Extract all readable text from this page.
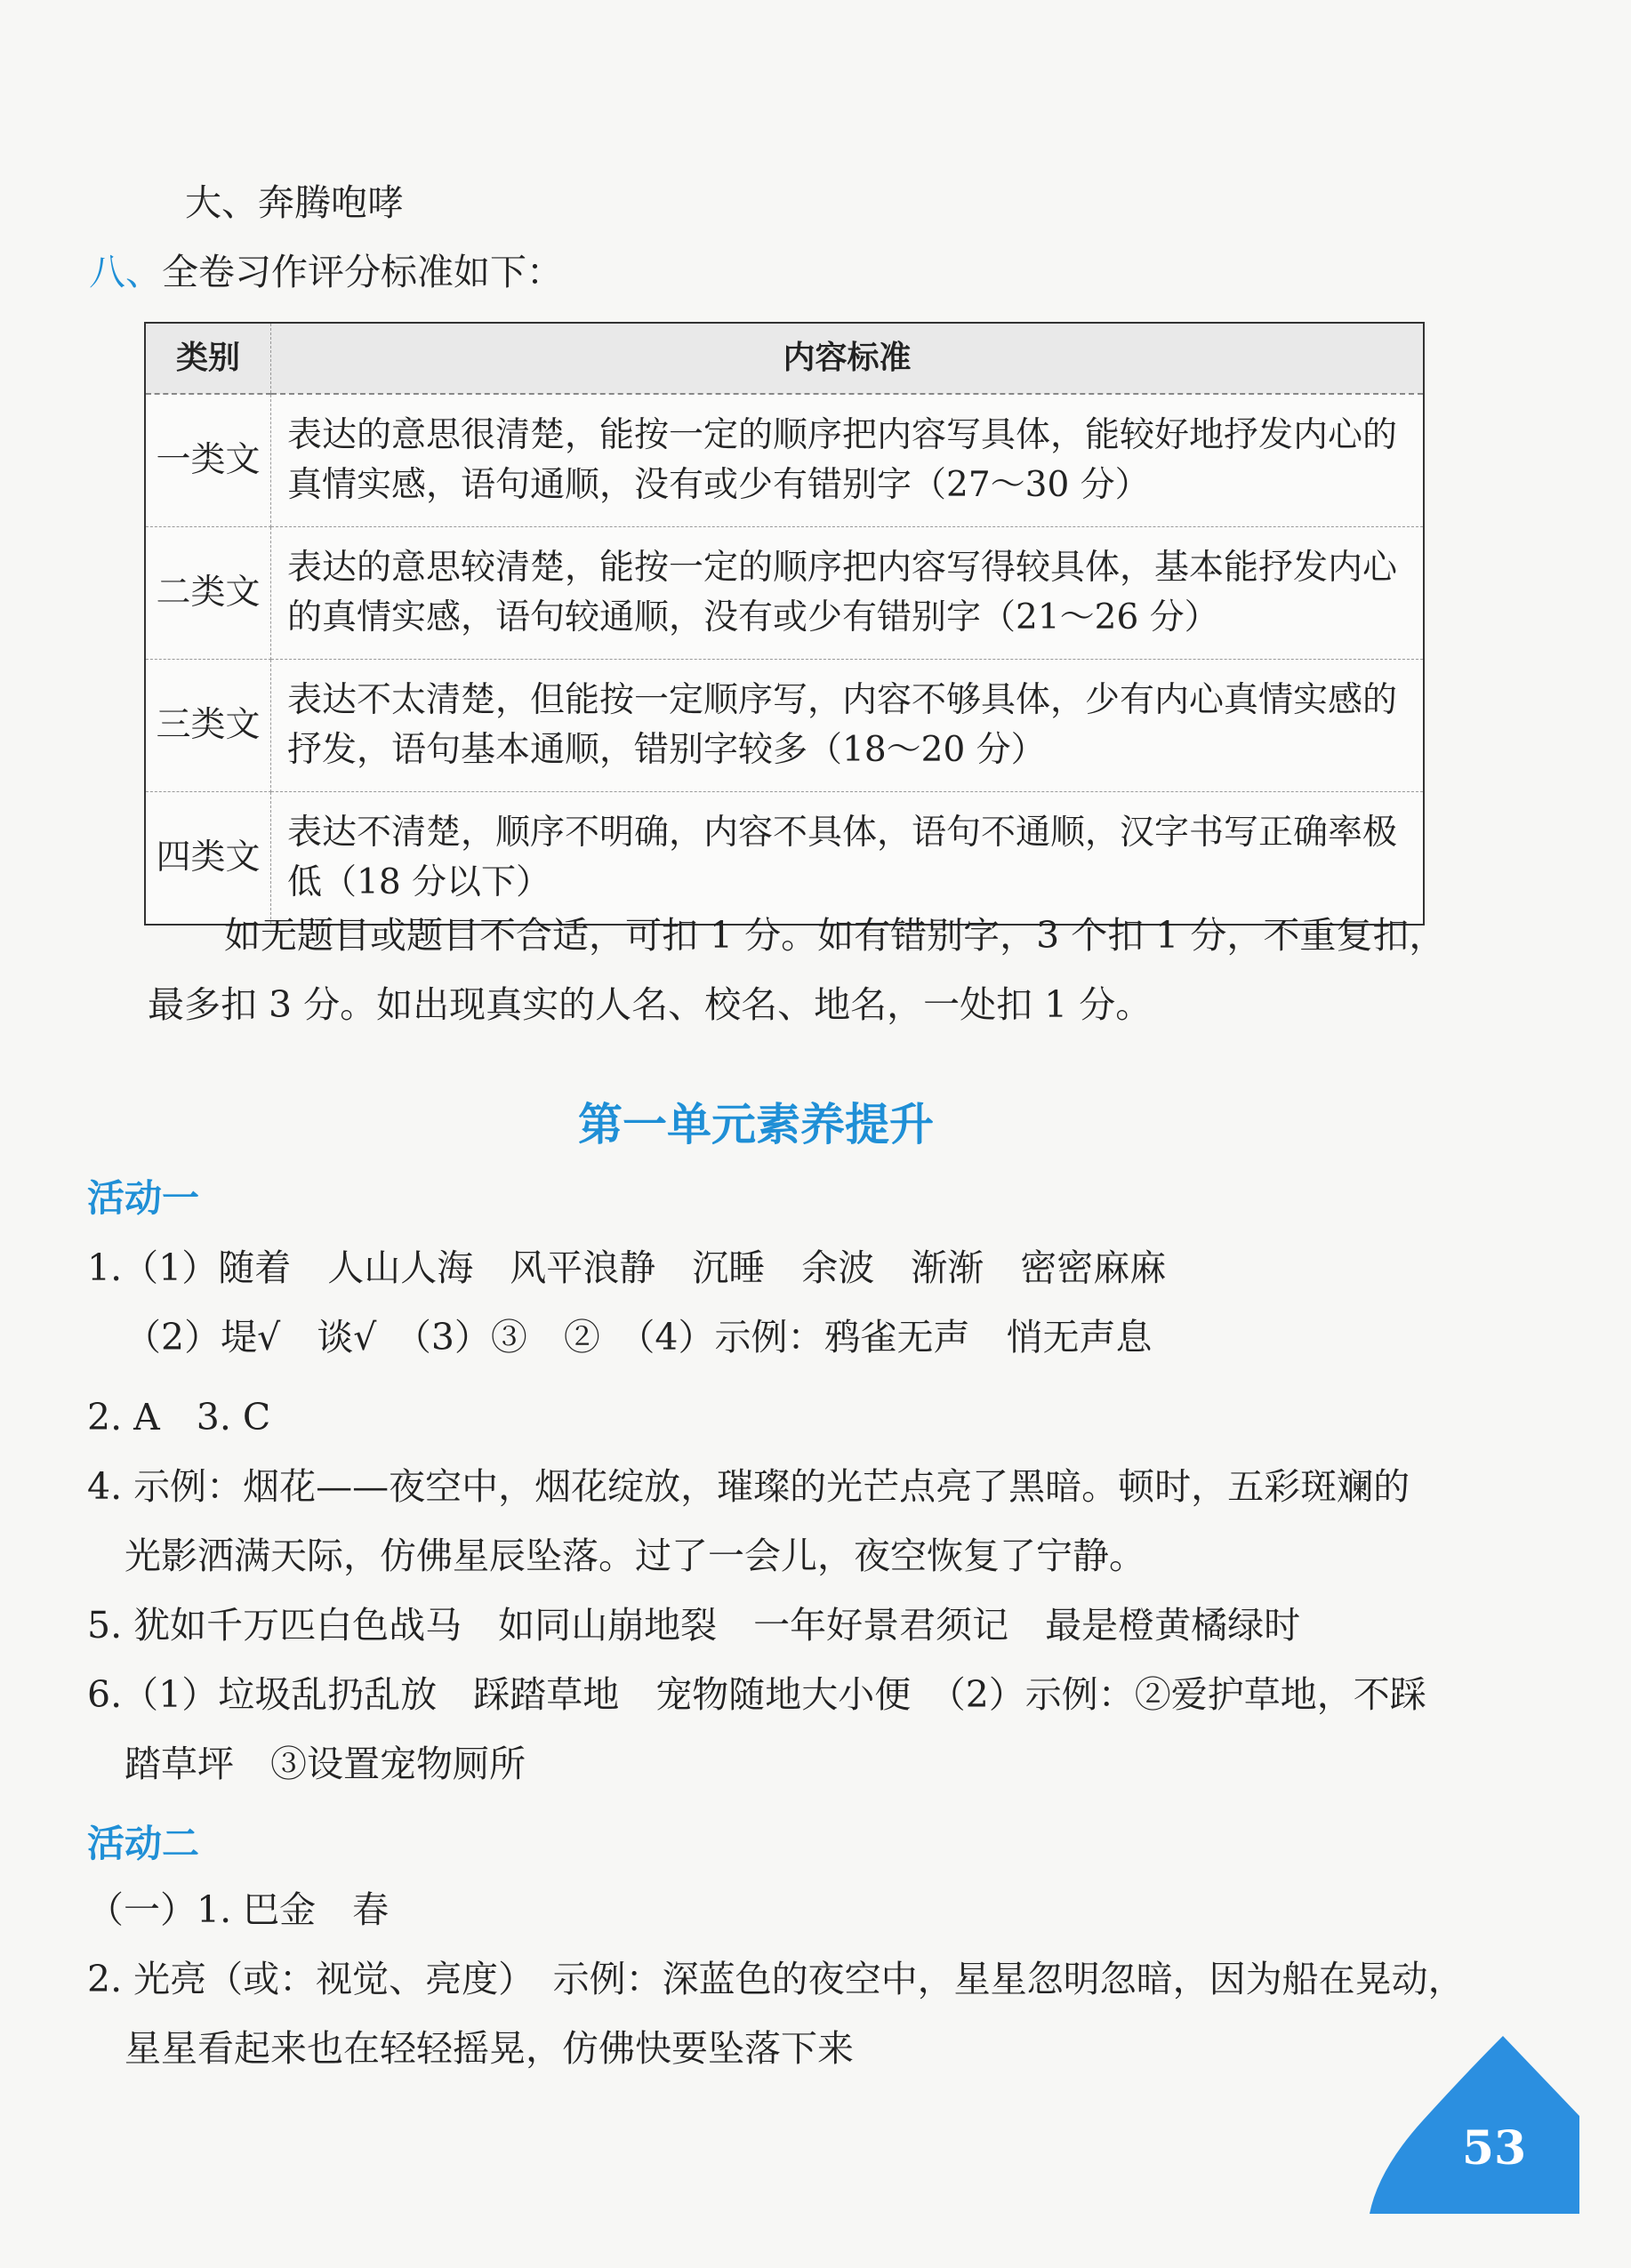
大、奔腾咆哮
八、全卷习作评分标准如下：
类别	内容标准
一类文	表达的意思很清楚，能按一定的顺序把内容写具体，能较好地抒发内心的真情实感，语句通顺，没有或少有错别字（27～30 分）
二类文	表达的意思较清楚，能按一定的顺序把内容写得较具体，基本能抒发内心的真情实感，语句较通顺，没有或少有错别字（21～26 分）
三类文	表达不太清楚，但能按一定顺序写，内容不够具体，少有内心真情实感的抒发，语句基本通顺，错别字较多（18～20 分）
四类文	表达不清楚，顺序不明确，内容不具体，语句不通顺，汉字书写正确率极低（18 分以下）
如无题目或题目不合适，可扣 1 分。如有错别字，3 个扣 1 分，不重复扣，
最多扣 3 分。如出现真实的人名、校名、地名，一处扣 1 分。
第一单元素养提升
活动一
1.（1）随着　人山人海　风平浪静　沉睡　余波　渐渐　密密麻麻
（2）堤√　谈√　（3）③　②　（4）示例：鸦雀无声　悄无声息
2. A　3. C
4. 示例：烟花——夜空中，烟花绽放，璀璨的光芒点亮了黑暗。顿时，五彩斑斓的
光影洒满天际，仿佛星辰坠落。过了一会儿，夜空恢复了宁静。
5. 犹如千万匹白色战马　如同山崩地裂　一年好景君须记　最是橙黄橘绿时
6.（1）垃圾乱扔乱放　踩踏草地　宠物随地大小便　（2）示例：②爱护草地，不踩
踏草坪　③设置宠物厕所
活动二
（一）1. 巴金　春
2. 光亮（或：视觉、亮度）　示例：深蓝色的夜空中，星星忽明忽暗，因为船在晃动，
星星看起来也在轻轻摇晃，仿佛快要坠落下来
53
